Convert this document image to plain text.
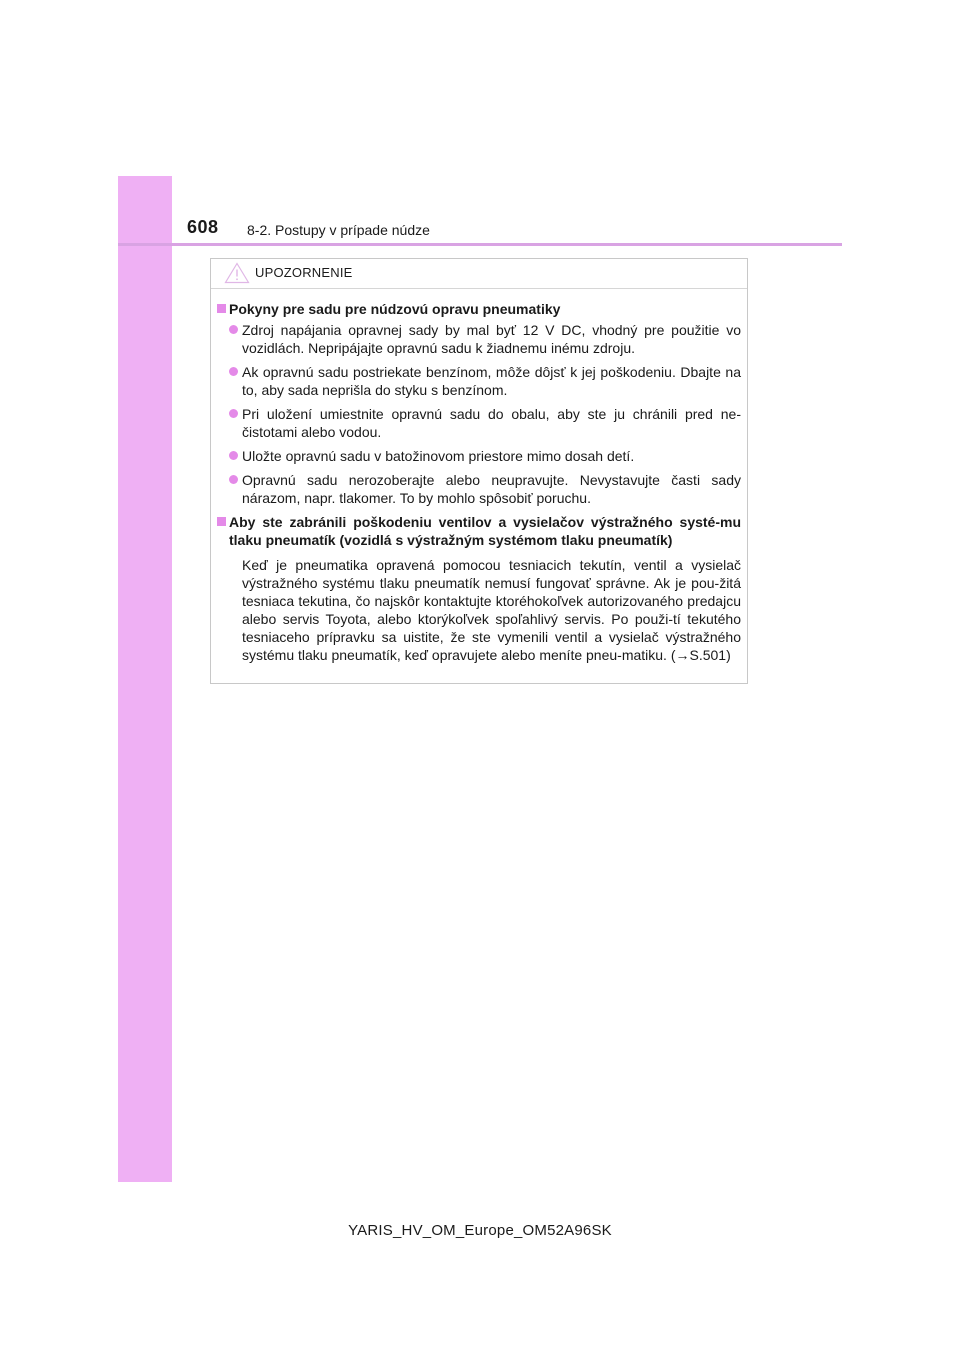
608 8-2. Postupy v prípade núdze
UPOZORNENIE
Pokyny pre sadu pre núdzovú opravu pneumatiky
Zdroj napájania opravnej sady by mal byť 12 V DC, vhodný pre použitie vo vozidlách. Nepripájajte opravnú sadu k žiadnemu inému zdroju.
Ak opravnú sadu postriekate benzínom, môže dôjsť k jej poškodeniu. Dbajte na to, aby sada neprišla do styku s benzínom.
Pri uložení umiestnite opravnú sadu do obalu, aby ste ju chránili pred ne-čistotami alebo vodou.
Uložte opravnú sadu v batožinovom priestore mimo dosah detí.
Opravnú sadu nerozoberajte alebo neupravujte. Nevystavujte časti sady nárazom, napr. tlakomer. To by mohlo spôsobiť poruchu.
Aby ste zabránili poškodeniu ventilov a vysielačov výstražného systé-mu tlaku pneumatík (vozidlá s výstražným systémom tlaku pneumatík)
Keď je pneumatika opravená pomocou tesniacich tekutín, ventil a vysielač výstražného systému tlaku pneumatík nemusí fungovať správne. Ak je pou-žitá tesniaca tekutina, čo najskôr kontaktujte ktoréhokoľvek autorizovaného predajcu alebo servis Toyota, alebo ktorýkoľvek spoľahlivý servis. Po použi-tí tekutého tesniaceho prípravku sa uistite, že ste vymenili ventil a vysielač výstražného systému tlaku pneumatík, keď opravujete alebo meníte pneu-matiku. (→S.501)
YARIS_HV_OM_Europe_OM52A96SK
